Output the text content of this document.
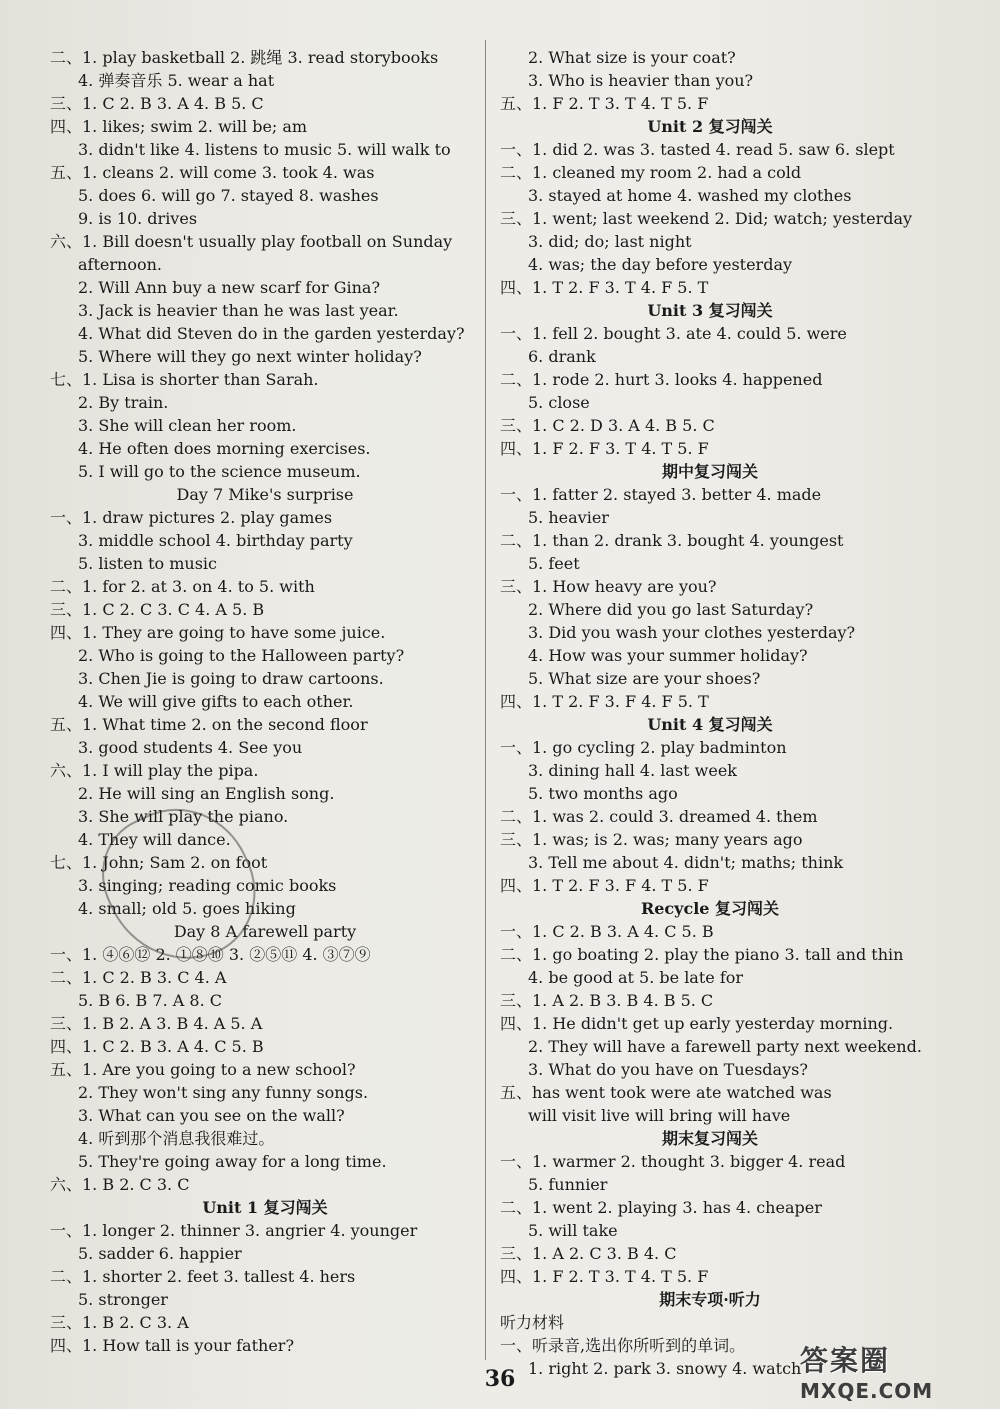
二、1. play basketball 2. 跳绳 3. read storybooks
4. 弹奏音乐 5. wear a hat
三、1. C 2. B 3. A 4. B 5. C
四、1. likes; swim 2. will be; am
3. didn't like 4. listens to music 5. will walk to
五、1. cleans 2. will come 3. took 4. was
5. does 6. will go 7. stayed 8. washes
9. is 10. drives
六、1. Bill doesn't usually play football on Sunday
afternoon.
2. Will Ann buy a new scarf for Gina?
3. Jack is heavier than he was last year.
4. What did Steven do in the garden yesterday?
5. Where will they go next winter holiday?
七、1. Lisa is shorter than Sarah.
2. By train.
3. She will clean her room.
4. He often does morning exercises.
5. I will go to the science museum.
Day 7 Mike's surprise
一、1. draw pictures 2. play games
3. middle school 4. birthday party
5. listen to music
二、1. for 2. at 3. on 4. to 5. with
三、1. C 2. C 3. C 4. A 5. B
四、1. They are going to have some juice.
2. Who is going to the Halloween party?
3. Chen Jie is going to draw cartoons.
4. We will give gifts to each other.
五、1. What time 2. on the second floor
3. good students 4. See you
六、1. I will play the pipa.
2. He will sing an English song.
3. She will play the piano.
4. They will dance.
七、1. John; Sam 2. on foot
3. singing; reading comic books
4. small; old 5. goes hiking
Day 8 A farewell party
一、1. ④⑥⑫ 2. ①⑧⑩ 3. ②⑤⑪ 4. ③⑦⑨
二、1. C 2. B 3. C 4. A
5. B 6. B 7. A 8. C
三、1. B 2. A 3. B 4. A 5. A
四、1. C 2. B 3. A 4. C 5. B
五、1. Are you going to a new school?
2. They won't sing any funny songs.
3. What can you see on the wall?
4. 听到那个消息我很难过。
5. They're going away for a long time.
六、1. B 2. C 3. C
Unit 1 复习闯关
一、1. longer 2. thinner 3. angrier 4. younger
5. sadder 6. happier
二、1. shorter 2. feet 3. tallest 4. hers
5. stronger
三、1. B 2. C 3. A
四、1. How tall is your father?
2. What size is your coat?
3. Who is heavier than you?
五、1. F 2. T 3. T 4. T 5. F
Unit 2 复习闯关
一、1. did 2. was 3. tasted 4. read 5. saw 6. slept
二、1. cleaned my room 2. had a cold
3. stayed at home 4. washed my clothes
三、1. went; last weekend 2. Did; watch; yesterday
3. did; do; last night
4. was; the day before yesterday
四、1. T 2. F 3. T 4. F 5. T
Unit 3 复习闯关
一、1. fell 2. bought 3. ate 4. could 5. were
6. drank
二、1. rode 2. hurt 3. looks 4. happened
5. close
三、1. C 2. D 3. A 4. B 5. C
四、1. F 2. F 3. T 4. T 5. F
期中复习闯关
一、1. fatter 2. stayed 3. better 4. made
5. heavier
二、1. than 2. drank 3. bought 4. youngest
5. feet
三、1. How heavy are you?
2. Where did you go last Saturday?
3. Did you wash your clothes yesterday?
4. How was your summer holiday?
5. What size are your shoes?
四、1. T 2. F 3. F 4. F 5. T
Unit 4 复习闯关
一、1. go cycling 2. play badminton
3. dining hall 4. last week
5. two months ago
二、1. was 2. could 3. dreamed 4. them
三、1. was; is 2. was; many years ago
3. Tell me about 4. didn't; maths; think
四、1. T 2. F 3. F 4. T 5. F
Recycle 复习闯关
一、1. C 2. B 3. A 4. C 5. B
二、1. go boating 2. play the piano 3. tall and thin
4. be good at 5. be late for
三、1. A 2. B 3. B 4. B 5. C
四、1. He didn't get up early yesterday morning.
2. They will have a farewell party next weekend.
3. What do you have on Tuesdays?
五、has went took were ate watched was
will visit live will bring will have
期末复习闯关
一、1. warmer 2. thought 3. bigger 4. read
5. funnier
二、1. went 2. playing 3. has 4. cheaper
5. will take
三、1. A 2. C 3. B 4. C
四、1. F 2. T 3. T 4. T 5. F
期末专项·听力
听力材料
一、听录音,选出你所听到的单词。
1. right 2. park 3. snowy 4. watch
36
答案圈
MXQE.COM
